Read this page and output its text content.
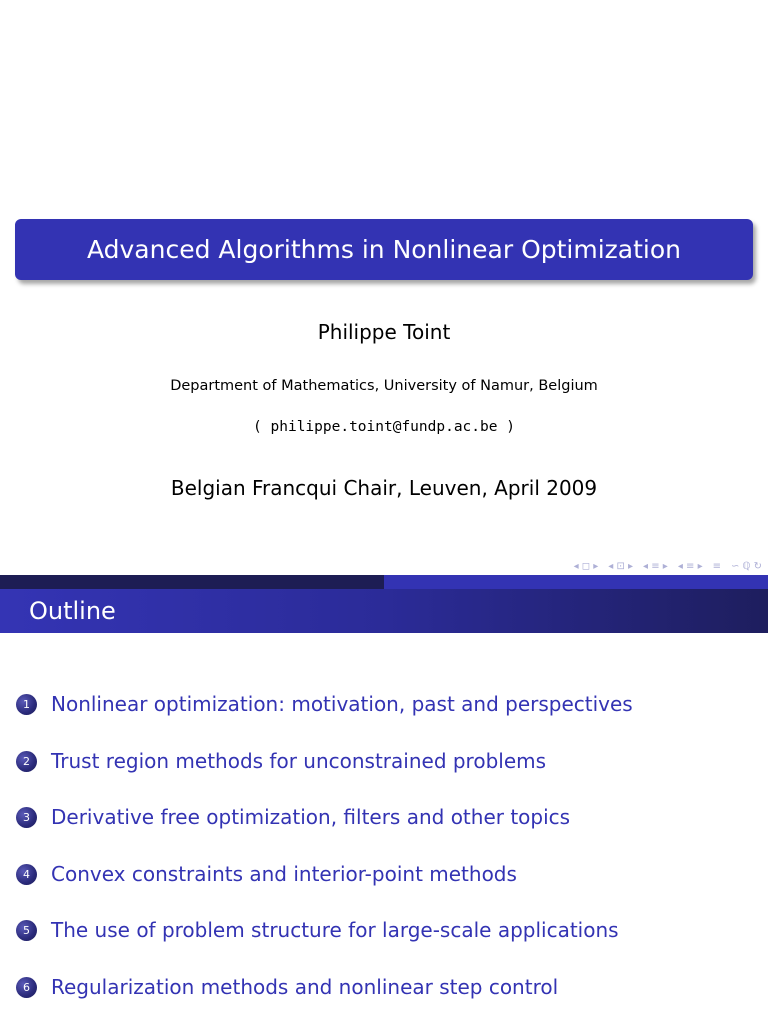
Advanced Algorithms in Nonlinear Optimization
Philippe Toint
Department of Mathematics, University of Namur, Belgium
( philippe.toint@fundp.ac.be )
Belgian Francqui Chair, Leuven, April 2009
◂ ◻ ▸ ◂ ⊡ ▸ ◂ ≡ ▸ ◂ ≡ ▸ ≡ ∽ ℚ ↻
Outline
1	Nonlinear optimization: motivation, past and perspectives
2	Trust region methods for unconstrained problems
3	Derivative free optimization, filters and other topics
4	Convex constraints and interior-point methods
5	The use of problem structure for large-scale applications
6	Regularization methods and nonlinear step control
